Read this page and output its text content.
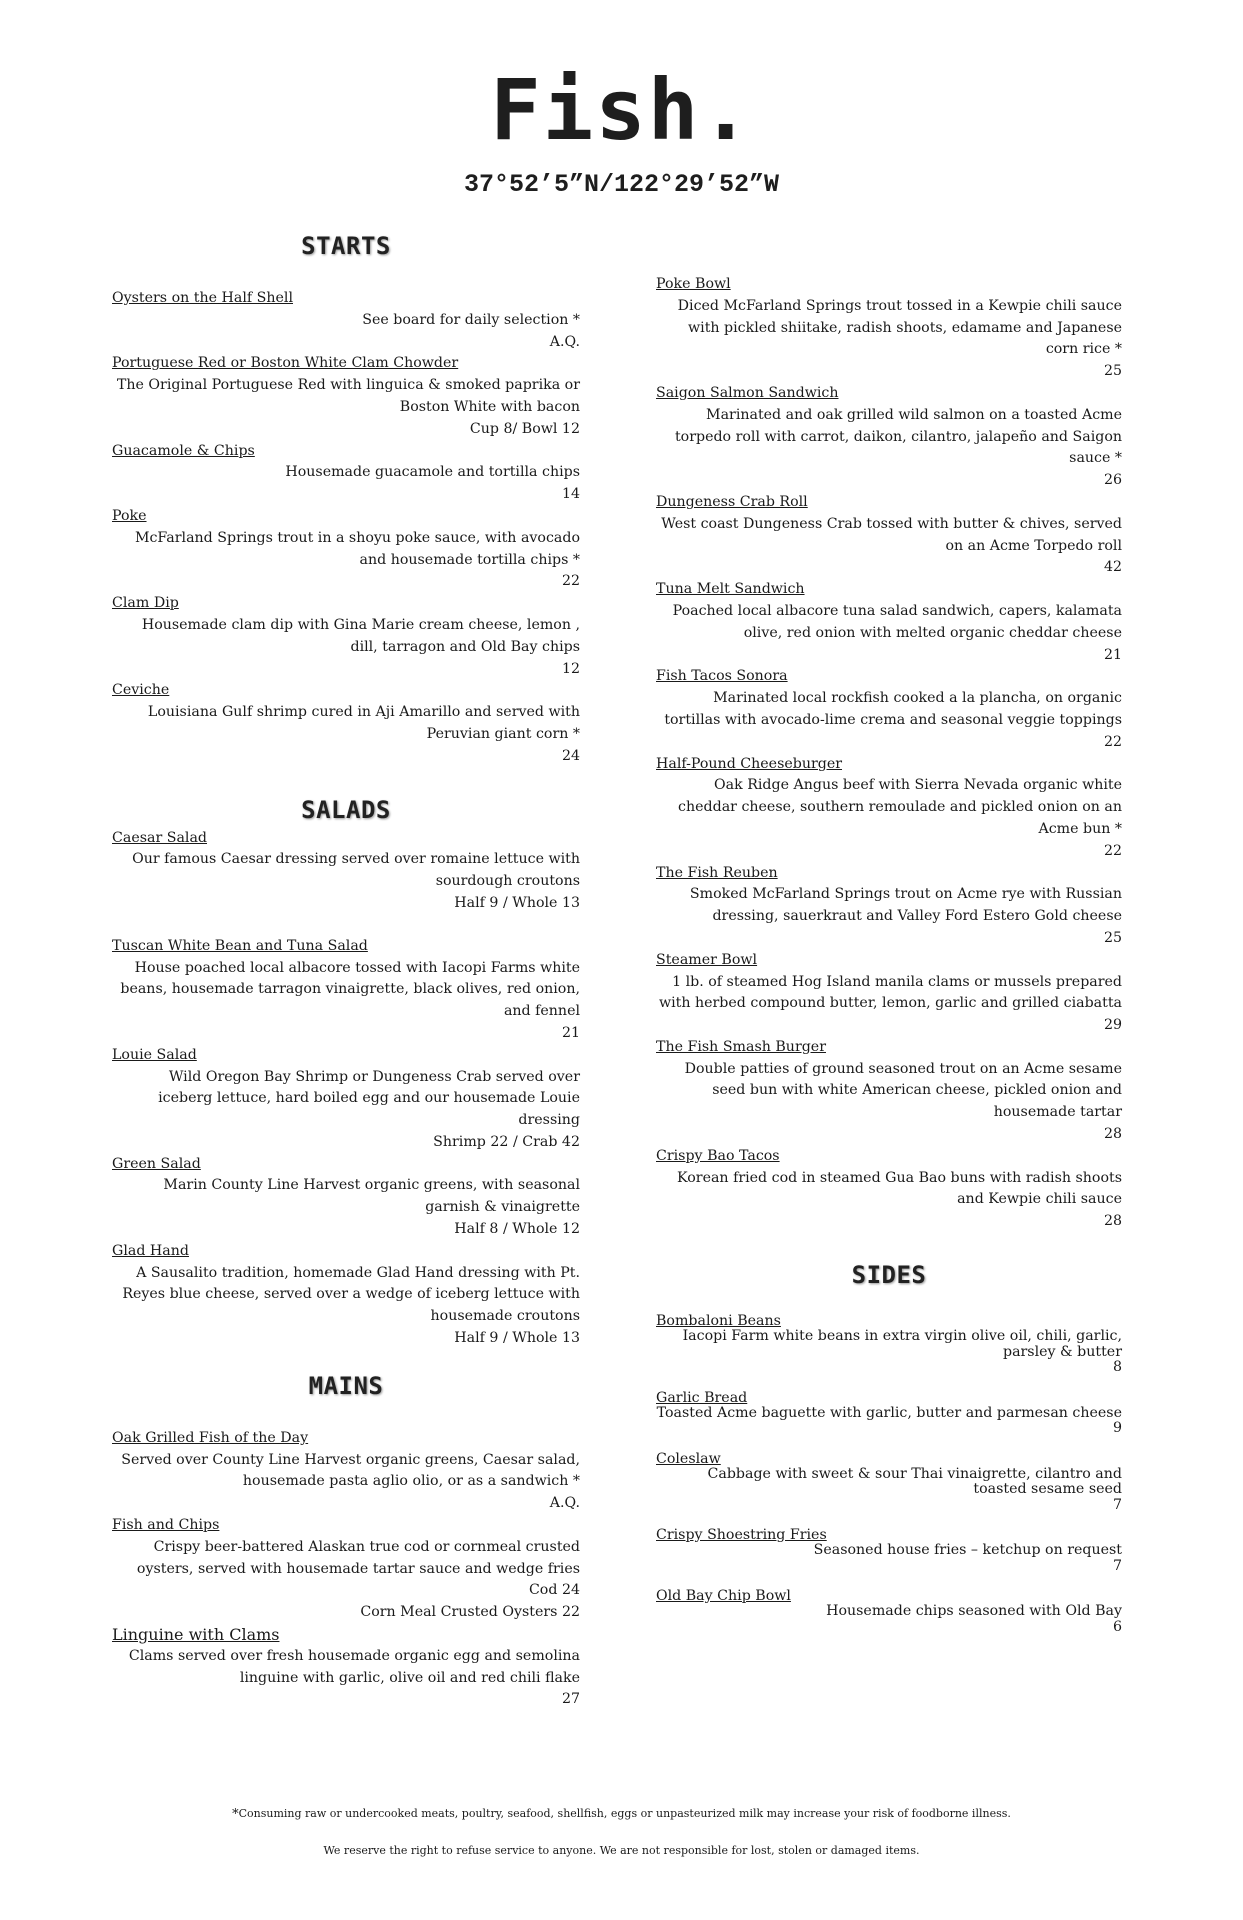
Fish.
37°52’5”N/122°29’52”W
STARTS
Oysters on the Half Shell
See board for daily selection *
A.Q.
Portuguese Red or Boston White Clam Chowder
The Original Portuguese Red with linguica & smoked paprika or Boston White with bacon
Cup 8/ Bowl 12
Guacamole & Chips
Housemade guacamole and tortilla chips
14
Poke
McFarland Springs trout in a shoyu poke sauce, with avocado and housemade tortilla chips *
22
Clam Dip
Housemade clam dip with Gina Marie cream cheese, lemon , dill, tarragon and Old Bay chips
12
Ceviche
Louisiana Gulf shrimp cured in Aji Amarillo and served with Peruvian giant corn *
24
SALADS
Caesar Salad
Our famous Caesar dressing served over romaine lettuce with sourdough croutons
Half 9 / Whole 13
Tuscan White Bean and Tuna Salad
House poached local albacore tossed with Iacopi Farms white beans, housemade tarragon vinaigrette, black olives, red onion, and fennel
21
Louie Salad
Wild Oregon Bay Shrimp or Dungeness Crab served over iceberg lettuce, hard boiled egg and our housemade Louie dressing
Shrimp 22 / Crab 42
Green Salad
Marin County Line Harvest organic greens, with seasonal garnish & vinaigrette
Half 8 / Whole 12
Glad Hand
A Sausalito tradition, homemade Glad Hand dressing with Pt. Reyes blue cheese, served over a wedge of iceberg lettuce with housemade croutons
Half 9 / Whole 13
MAINS
Oak Grilled Fish of the Day
Served over County Line Harvest organic greens, Caesar salad, housemade pasta aglio olio, or as a sandwich *
A.Q.
Fish and Chips
Crispy beer-battered Alaskan true cod or cornmeal crusted oysters, served with housemade tartar sauce and wedge fries
Cod 24
Corn Meal Crusted Oysters 22
Linguine with Clams
Clams served over fresh housemade organic egg and semolina linguine with garlic, olive oil and red chili flake
27
Poke Bowl
Diced McFarland Springs trout tossed in a Kewpie chili sauce with pickled shiitake, radish shoots, edamame and Japanese corn rice *
25
Saigon Salmon Sandwich
Marinated and oak grilled wild salmon on a toasted Acme torpedo roll with carrot, daikon, cilantro, jalapeño and Saigon sauce *
26
Dungeness Crab Roll
West coast Dungeness Crab tossed with butter & chives, served on an Acme Torpedo roll
42
Tuna Melt Sandwich
Poached local albacore tuna salad sandwich, capers, kalamata olive, red onion with melted organic cheddar cheese
21
Fish Tacos Sonora
Marinated local rockfish cooked a la plancha, on organic tortillas with avocado-lime crema and seasonal veggie toppings
22
Half-Pound Cheeseburger
Oak Ridge Angus beef with Sierra Nevada organic white cheddar cheese, southern remoulade and pickled onion on an Acme bun *
22
The Fish Reuben
Smoked McFarland Springs trout on Acme rye with Russian dressing, sauerkraut and Valley Ford Estero Gold cheese
25
Steamer Bowl
1 lb. of steamed Hog Island manila clams or mussels prepared with herbed compound butter, lemon, garlic and grilled ciabatta
29
The Fish Smash Burger
Double patties of ground seasoned trout on an Acme sesame seed bun with white American cheese, pickled onion and housemade tartar
28
Crispy Bao Tacos
Korean fried cod in steamed Gua Bao buns with radish shoots and Kewpie chili sauce
28
SIDES
Bombaloni Beans
Iacopi Farm white beans in extra virgin olive oil, chili, garlic, parsley & butter
8
Garlic Bread
Toasted Acme baguette with garlic, butter and parmesan cheese
9
Coleslaw
Cabbage with sweet & sour Thai vinaigrette, cilantro and toasted sesame seed
7
Crispy Shoestring Fries
Seasoned house fries – ketchup on request
7
Old Bay Chip Bowl
Housemade chips seasoned with Old Bay
6
*Consuming raw or undercooked meats, poultry, seafood, shellfish, eggs or unpasteurized milk may increase your risk of foodborne illness.
We reserve the right to refuse service to anyone. We are not responsible for lost, stolen or damaged items.
